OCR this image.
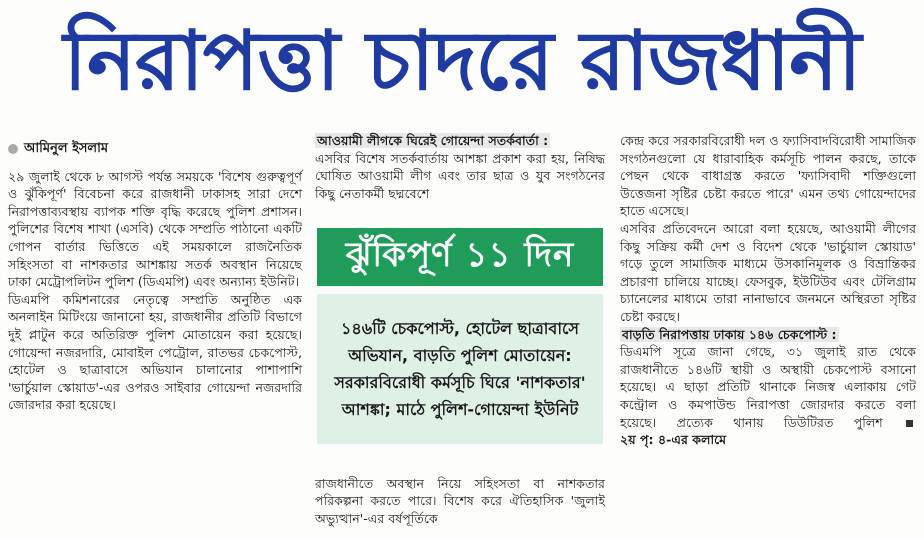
নিরাপত্তা চাদরে রাজধানী
আমিনুল ইসলাম

২৯ জুলাই থেকে ৮ আগস্ট পর্যন্ত সময়কে 'বিশেষ গুরুত্বপূর্ণ ও ঝুঁকিপূর্ণ' বিবেচনা করে রাজধানী ঢাকাসহ সারা দেশে নিরাপত্তাব্যবস্থায় ব্যাপক শক্তি বৃদ্ধি করেছে পুলিশ প্রশাসন। পুলিশের বিশেষ শাখা (এসবি) থেকে সম্প্রতি পাঠানো একটি গোপন বার্তার ভিত্তিতে এই সময়কালে রাজনৈতিক সহিংসতা বা নাশকতার আশঙ্কায় সতর্ক অবস্থান নিয়েছে ঢাকা মেট্রোপলিটন পুলিশ (ডিএমপি) এবং অন্যান্য ইউনিট।

ডিএমপি কমিশনারের নেতৃত্বে সম্প্রতি অনুষ্ঠিত এক অনলাইন মিটিংয়ে জানানো হয়, রাজধানীর প্রতিটি বিভাগে দুই প্লাটুন করে অতিরিক্ত পুলিশ মোতায়েন করা হয়েছে। গোয়েন্দা নজরদারি, মোবাইল পেট্রোল, রাতভর চেকপোস্ট, হোটেল ও ছাত্রাবাসে অভিযান চালানোর পাশাপাশি 'ভার্চুয়াল স্কোয়াড'-এর ওপরও সাইবার গোয়েন্দা নজরদারি জোরদার করা হয়েছে।

আওয়ামী লীগকে ঘিরেই গোয়েন্দা সতর্কবার্তা :

এসবির বিশেষ সতর্কবার্তায় আশঙ্কা প্রকাশ করা হয়, নিষিদ্ধ ঘোষিত আওয়ামী লীগ এবং তার ছাত্র ও যুব সংগঠনের কিছু নেতাকর্মী ছদ্মবেশে

ঝুঁকিপূর্ণ ১১ দিন
১৪৬টি চেকপোস্ট, হোটেল ছাত্রাবাসে অভিযান, বাড়তি পুলিশ মোতায়েন: সরকারবিরোধী কর্মসূচি ঘিরে 'নাশকতার' আশঙ্কা; মাঠে পুলিশ-গোয়েন্দা ইউনিট

রাজধানীতে অবস্থান নিয়ে সহিংসতা বা নাশকতার পরিকল্পনা করতে পারে। বিশেষ করে ঐতিহাসিক 'জুলাই অভ্যুত্থান'-এর বর্ষপূর্তিকে

কেন্দ্র করে সরকারবিরোধী দল ও ফ্যাসিবাদবিরোধী সামাজিক সংগঠনগুলো যে ধারাবাহিক কর্মসূচি পালন করছে, তাকে পেছন থেকে বাধাগ্রস্ত করতে 'ফ্যাসিবাদী শক্তিগুলো উত্তেজনা সৃষ্টির চেষ্টা করতে পারে' এমন তথ্য গোয়েন্দাদের হাতে এসেছে।

এসবির প্রতিবেদনে আরো বলা হয়েছে, আওয়ামী লীগের কিছু সক্রিয় কর্মী দেশ ও বিদেশ থেকে 'ভার্চুয়াল স্কোয়াড' গড়ে তুলে সামাজিক মাধ্যমে উসকানিমূলক ও বিভ্রান্তিকর প্রচারণা চালিয়ে যাচ্ছে। ফেসবুক, ইউটিউব এবং টেলিগ্রাম চ্যানেলের মাধ্যমে তারা নানাভাবে জনমনে অস্থিরতা সৃষ্টির চেষ্টা করছে।

বাড়তি নিরাপত্তায় ঢাকায় ১৪৬ চেকপোস্ট :

ডিএমপি সূত্রে জানা গেছে, ৩১ জুলাই রাত থেকে রাজধানীতে ১৪৬টি স্থায়ী ও অস্থায়ী চেকপোস্ট বসানো হয়েছে। এ ছাড়া প্রতিটি থানাকে নিজস্ব এলাকায় গেট কন্ট্রোল ও কমপাউন্ড নিরাপত্তা জোরদার করতে বলা হয়েছে। প্রত্যেক থানায় ডিউটিরত পুলিশ  ২য় পৃ: ৪-এর কলামে
